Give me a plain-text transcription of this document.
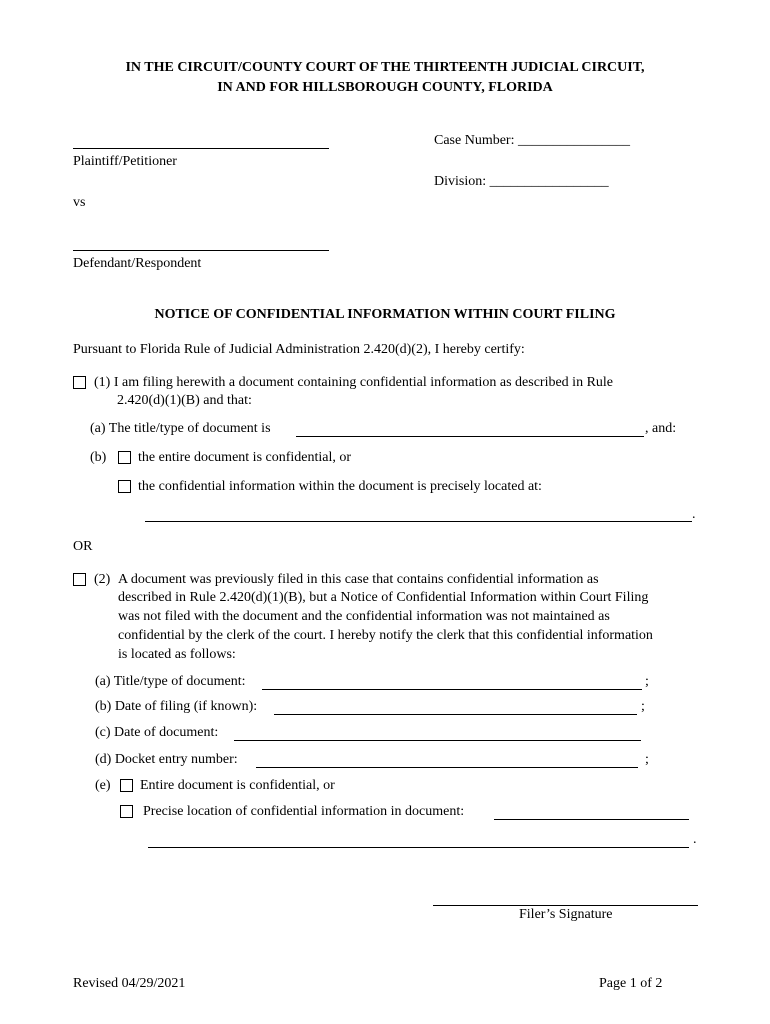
IN THE CIRCUIT/COUNTY COURT OF THE THIRTEENTH JUDICIAL CIRCUIT,
IN AND FOR HILLSBOROUGH COUNTY, FLORIDA
Plaintiff/Petitioner
vs
Defendant/Respondent
Case Number: ________________
Division: _________________
NOTICE OF CONFIDENTIAL INFORMATION WITHIN COURT FILING
Pursuant to Florida Rule of Judicial Administration 2.420(d)(2), I hereby certify:
(1) I am filing herewith a document containing confidential information as described in Rule
2.420(d)(1)(B) and that:
(a) The title/type of document is	, and:
(b) the entire document is confidential, or
the confidential information within the document is precisely located at:
.
OR
(2) A document was previously filed in this case that contains confidential information as
described in Rule 2.420(d)(1)(B), but a Notice of Confidential Information within Court Filing
was not filed with the document and the confidential information was not maintained as
confidential by the clerk of the court. I hereby notify the clerk that this confidential information
is located as follows:
(a) Title/type of document:	;
(b) Date of filing (if known):	;
(c) Date of document:
(d) Docket entry number:	;
(e) Entire document is confidential, or
Precise location of confidential information in document:
.
Filer’s Signature
Revised 04/29/2021	Page 1 of 2
